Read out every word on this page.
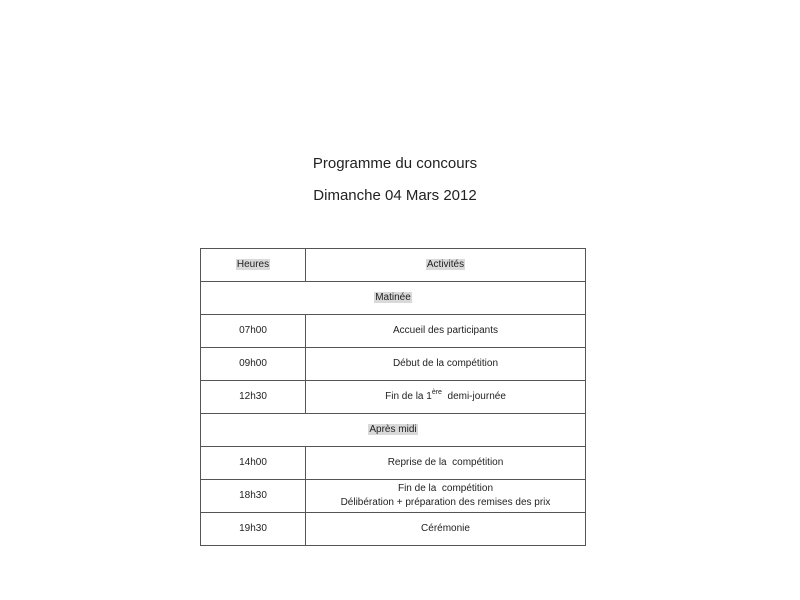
Programme du concours
Dimanche 04 Mars 2012
Heures	Activités
Matinée	
07h00	Accueil des participants
09h00	Début de la compétition
12h30	Fin de la 1ère  demi-journée
Après midi	
14h00	Reprise de la  compétition
18h30	Fin de la  compétition
Délibération + préparation des remises des prix

19h30	Cérémonie
